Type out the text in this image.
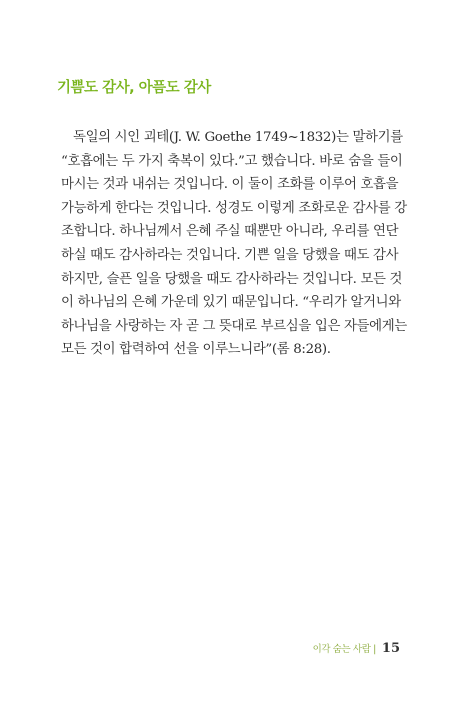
기쁨도 감사, 아픔도 감사
독일의 시인 괴테(J. W. Goethe 1749~1832)는 말하기를
“호흡에는 두 가지 축복이 있다.”고 했습니다. 바로 숨을 들이
마시는 것과 내쉬는 것입니다. 이 둘이 조화를 이루어 호흡을
가능하게 한다는 것입니다. 성경도 이렇게 조화로운 감사를 강
조합니다. 하나님께서 은혜 주실 때뿐만 아니라, 우리를 연단
하실 때도 감사하라는 것입니다. 기쁜 일을 당했을 때도 감사
하지만, 슬픈 일을 당했을 때도 감사하라는 것입니다. 모든 것
이 하나님의 은혜 가운데 있기 때문입니다. “우리가 알거니와
하나님을 사랑하는 자 곧 그 뜻대로 부르심을 입은 자들에게는
모든 것이 합력하여 선을 이루느니라”(롬 8:28).
이각 숨는 사람 | 15
